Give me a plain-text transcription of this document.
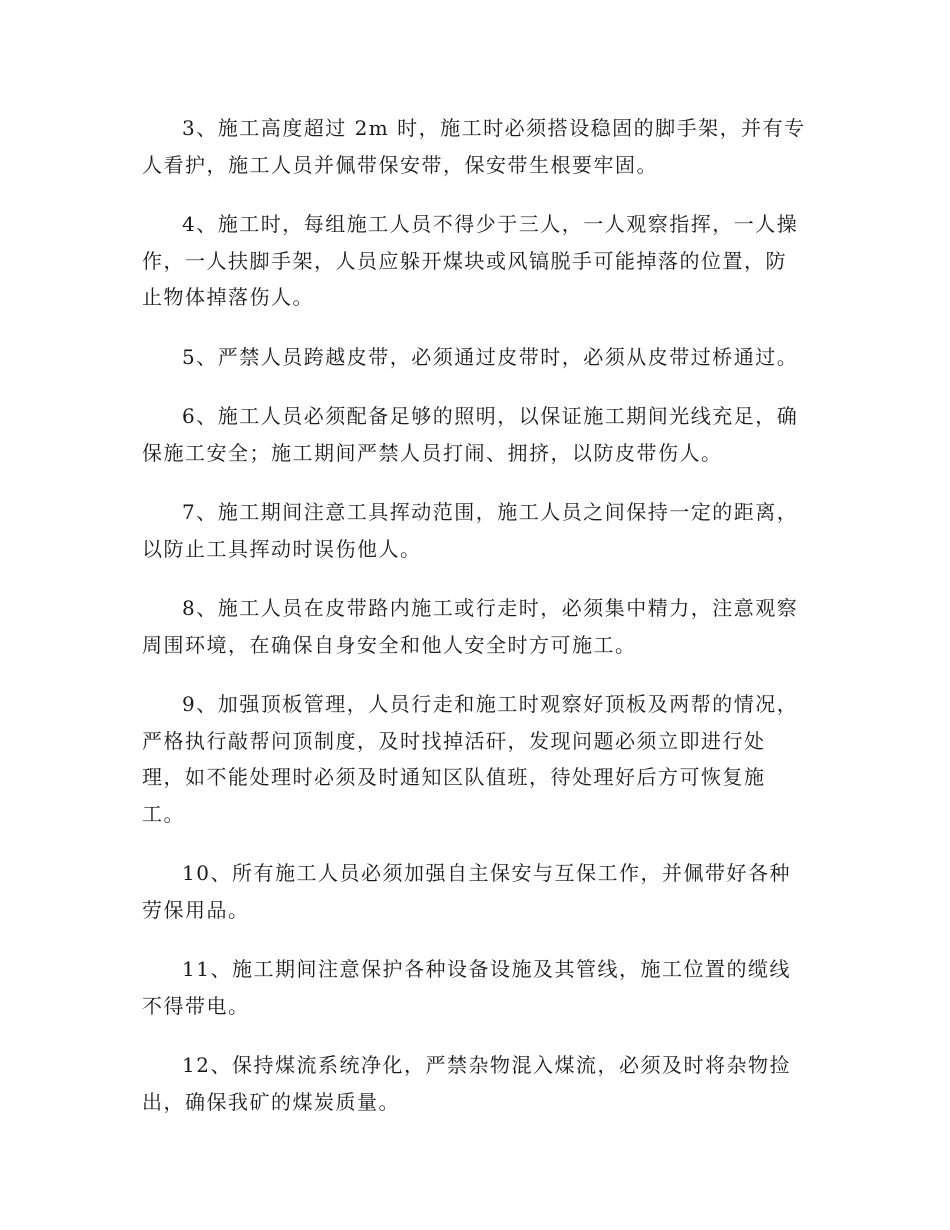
3、施工高度超过 2m 时，施工时必须搭设稳固的脚手架，并有专
人看护，施工人员并佩带保安带，保安带生根要牢固。

4、施工时，每组施工人员不得少于三人，一人观察指挥，一人操
作，一人扶脚手架，人员应躲开煤块或风镐脱手可能掉落的位置，防
止物体掉落伤人。

5、严禁人员跨越皮带，必须通过皮带时，必须从皮带过桥通过。

6、施工人员必须配备足够的照明，以保证施工期间光线充足，确
保施工安全；施工期间严禁人员打闹、拥挤，以防皮带伤人。

7、施工期间注意工具挥动范围，施工人员之间保持一定的距离，
以防止工具挥动时误伤他人。

8、施工人员在皮带路内施工或行走时，必须集中精力，注意观察
周围环境，在确保自身安全和他人安全时方可施工。

9、加强顶板管理，人员行走和施工时观察好顶板及两帮的情况，
严格执行敲帮问顶制度，及时找掉活矸，发现问题必须立即进行处
理，如不能处理时必须及时通知区队值班，待处理好后方可恢复施
工。

10、所有施工人员必须加强自主保安与互保工作，并佩带好各种
劳保用品。

11、施工期间注意保护各种设备设施及其管线，施工位置的缆线
不得带电。

12、保持煤流系统净化，严禁杂物混入煤流，必须及时将杂物捡
出，确保我矿的煤炭质量。
